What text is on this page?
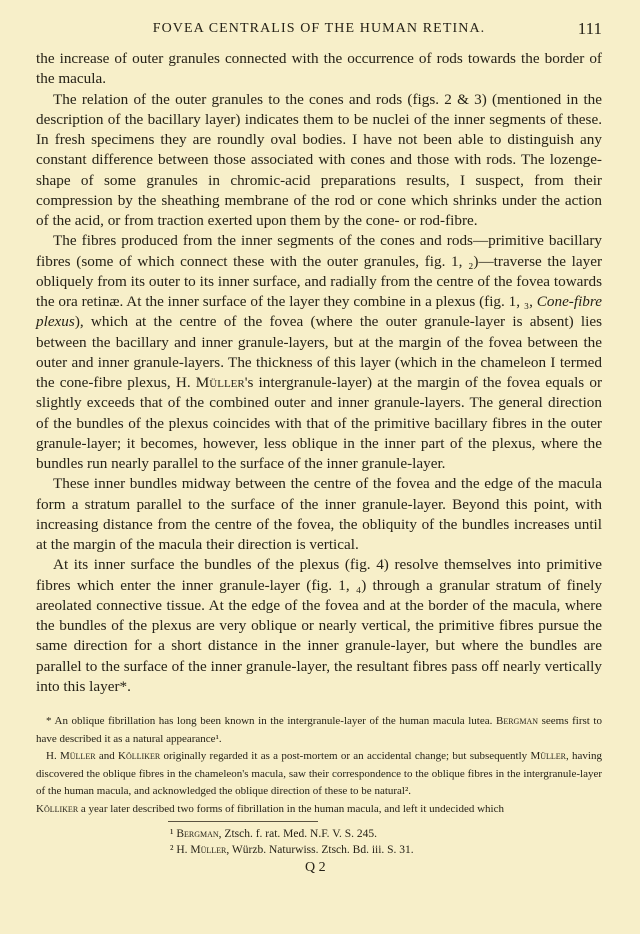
FOVEA CENTRALIS OF THE HUMAN RETINA.	111

the increase of outer granules connected with the occurrence of rods towards the border of the macula.

The relation of the outer granules to the cones and rods (figs. 2 & 3) (mentioned in the description of the bacillary layer) indicates them to be nuclei of the inner segments of these. In fresh specimens they are roundly oval bodies. I have not been able to distinguish any constant difference between those associated with cones and those with rods. The lozenge-shape of some granules in chromic-acid preparations results, I suspect, from their compression by the sheathing membrane of the rod or cone which shrinks under the action of the acid, or from traction exerted upon them by the cone- or rod-fibre.

The fibres produced from the inner segments of the cones and rods—primitive bacillary fibres (some of which connect these with the outer granules, fig. 1, ₂)—traverse the layer obliquely from its outer to its inner surface, and radially from the centre of the fovea towards the ora retinæ. At the inner surface of the layer they combine in a plexus (fig. 1, ₃, Cone-fibre plexus), which at the centre of the fovea (where the outer granule-layer is absent) lies between the bacillary and inner granule-layers, but at the margin of the fovea between the outer and inner granule-layers. The thickness of this layer (which in the chameleon I termed the cone-fibre plexus, H. Müller's intergranule-layer) at the margin of the fovea equals or slightly exceeds that of the combined outer and inner granule-layers. The general direction of the bundles of the plexus coincides with that of the primitive bacillary fibres in the outer granule-layer; it becomes, however, less oblique in the inner part of the plexus, where the bundles run nearly parallel to the surface of the inner granule-layer.

These inner bundles midway between the centre of the fovea and the edge of the macula form a stratum parallel to the surface of the inner granule-layer. Beyond this point, with increasing distance from the centre of the fovea, the obliquity of the bundles increases until at the margin of the macula their direction is vertical.

At its inner surface the bundles of the plexus (fig. 4) resolve themselves into primitive fibres which enter the inner granule-layer (fig. 1, ₄) through a granular stratum of finely areolated connective tissue. At the edge of the fovea and at the border of the macula, where the bundles of the plexus are very oblique or nearly vertical, the primitive fibres pursue the same direction for a short distance in the inner granule-layer, but where the bundles are parallel to the surface of the inner granule-layer, the resultant fibres pass off nearly vertically into this layer*.

* An oblique fibrillation has long been known in the intergranule-layer of the human macula lutea. Bergman seems first to have described it as a natural appearance¹.

H. Müller and Kölliker originally regarded it as a post-mortem or an accidental change; but subsequently Müller, having discovered the oblique fibres in the chameleon's macula, saw their correspondence to the oblique fibres in the intergranule-layer of the human macula, and acknowledged the oblique direction of these to be natural².

Kölliker a year later described two forms of fibrillation in the human macula, and left it undecided which

¹ Bergman, Ztsch. f. rat. Med. N.F. V. S. 245.
² H. Müller, Würzb. Naturwiss. Ztsch. Bd. iii. S. 31.
Q 2
